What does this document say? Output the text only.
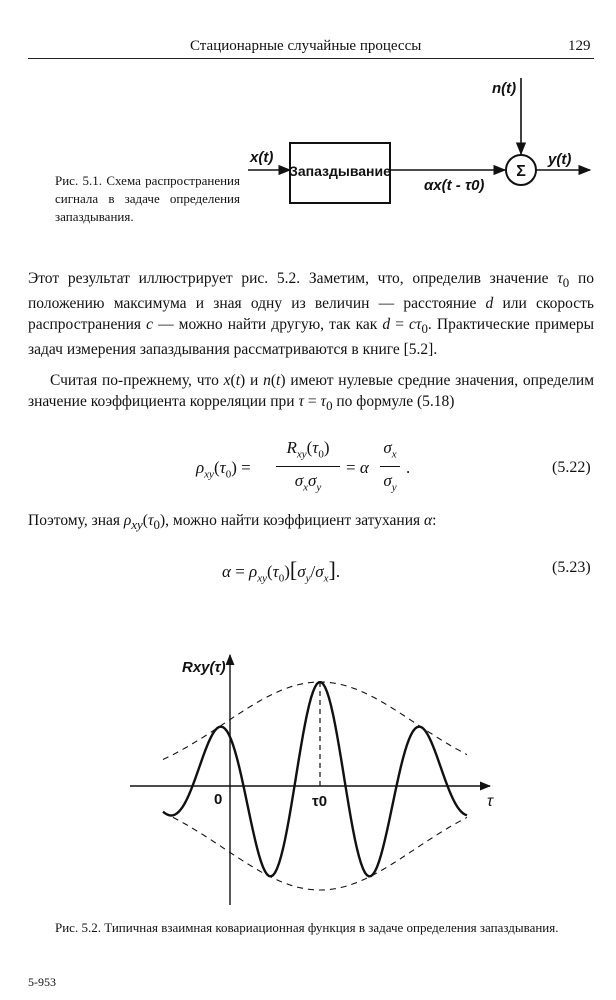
Стационарные случайные процессы	129
x(t)
Запаздывание
αx(t - τ0)
n(t)
Σ
y(t)
Rxy(τ)
0	τ0	τ
Рис. 5.1. Схема распространения сигнала в задаче определения запаздывания.
Этот результат иллюстрирует рис. 5.2. Заметим, что, определив значение $\tau_0$ по положению максимума и зная одну из величин — расстояние d или скорость распространения c — можно найти другую, так как $d = c\tau_0$. Практические примеры задач измерения запаздывания рассматриваются в книге [5.2].
Считая по-прежнему, что x(t) и n(t) имеют нулевые средние значения, определим значение коэффициента корреляции при $\tau = \tau_0$ по формуле (5.18)
$\rho_{xy}(\tau_0)$ =
$R_{xy}(\tau_0)$
$\sigma_x\sigma_y$
= α
$\sigma_x$
$\sigma_y$
.	(5.22)
Поэтому, зная $\rho_{xy}(\tau_0)$, можно найти коэффициент затухания α:
$\alpha = \rho_{xy}(\tau_0)[\sigma_y/\sigma_x]$.	(5.23)
Рис. 5.2. Типичная взаимная ковариационная функция в задаче определения запаздывания.
5-953
